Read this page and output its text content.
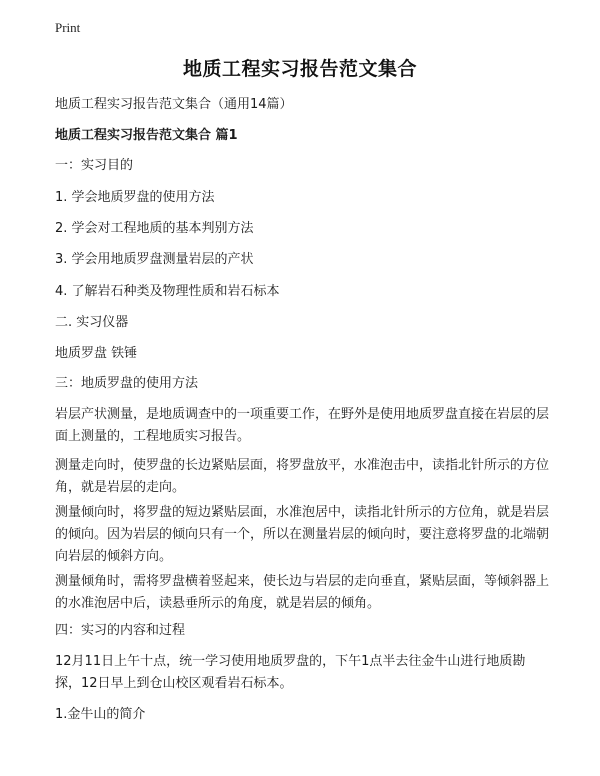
Print
地质工程实习报告范文集合
地质工程实习报告范文集合（通用14篇）
地质工程实习报告范文集合 篇1
一：实习目的
1. 学会地质罗盘的使用方法
2. 学会对工程地质的基本判别方法
3. 学会用地质罗盘测量岩层的产状
4. 了解岩石种类及物理性质和岩石标本
二. 实习仪器
地质罗盘 铁锤
三：地质罗盘的使用方法
岩层产状测量，是地质调查中的一项重要工作，在野外是使用地质罗盘直接在岩层的层面上测量的，工程地质实习报告。
测量走向时，使罗盘的长边紧贴层面，将罗盘放平，水准泡击中，读指北针所示的方位角，就是岩层的走向。
测量倾向时，将罗盘的短边紧贴层面，水准泡居中，读指北针所示的方位角，就是岩层的倾向。因为岩层的倾向只有一个，所以在测量岩层的倾向时，要注意将罗盘的北端朝向岩层的倾斜方向。
测量倾角时，需将罗盘横着竖起来，使长边与岩层的走向垂直，紧贴层面，等倾斜器上的水准泡居中后，读悬垂所示的角度，就是岩层的倾角。
四：实习的内容和过程
12月11日上午十点，统一学习使用地质罗盘的，下午1点半去往金牛山进行地质勘探，12日早上到仓山校区观看岩石标本。
1.金牛山的简介
